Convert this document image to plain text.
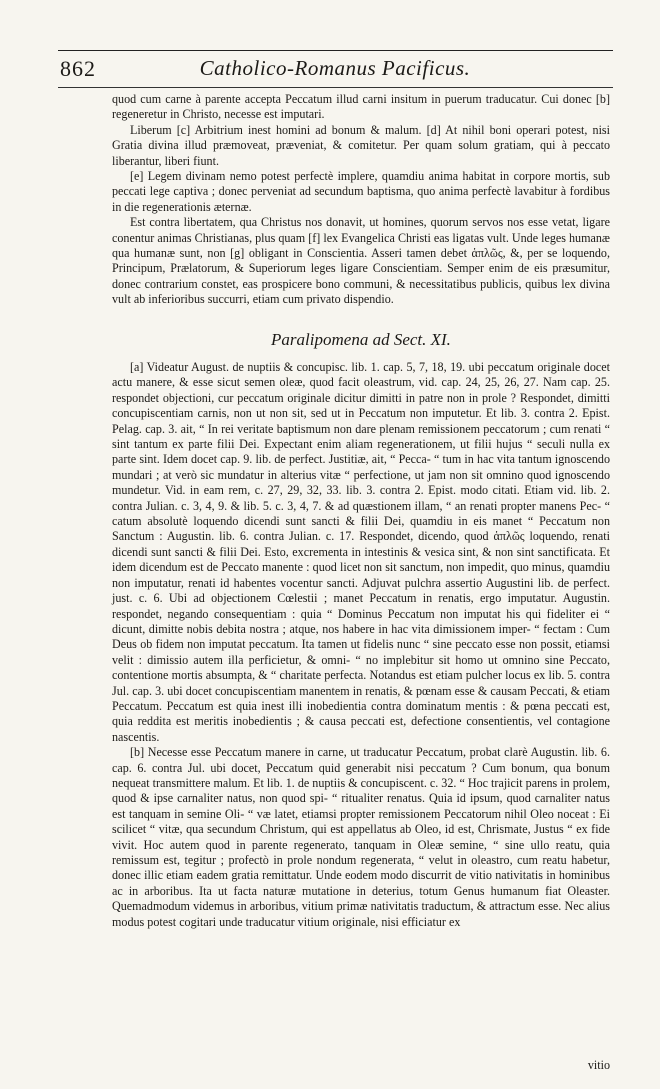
862	Catholico-Romanus Pacificus.

quod cum carne à parente accepta Peccatum illud carni insitum in puerum traducatur. Cui donec [b] regeneretur in Christo, necesse est imputari.

Liberum [c] Arbitrium inest homini ad bonum & malum. [d] At nihil boni operari potest, nisi Gratia divina illud præmoveat, præveniat, & comitetur. Per quam solum gratiam, qui à peccato liberantur, liberi fiunt.

[e] Legem divinam nemo potest perfectè implere, quamdiu anima habitat in corpore mortis, sub peccati lege captiva ; donec perveniat ad secundum baptisma, quo anima perfectè lavabitur à fordibus in die regenerationis æternæ.

Est contra libertatem, qua Christus nos donavit, ut homines, quorum servos nos esse vetat, ligare conentur animas Christianas, plus quam [f] lex Evangelica Christi eas ligatas vult. Unde leges humanæ qua humanæ sunt, non [g] obligant in Conscientia. Asseri tamen debet ἁπλῶς, &, per se loquendo, Principum, Prælatorum, & Superiorum leges ligare Conscientiam. Semper enim de eis præsumitur, donec contrarium constet, eas prospicere bono communi, & necessitatibus publicis, quibus lex divina vult ab inferioribus succurri, etiam cum privato dispendio.

Paralipomena ad Sect. XI.

[a] Videatur August. de nuptiis & concupisc. lib. 1. cap. 5, 7, 18, 19. ubi peccatum originale docet actu manere, & esse sicut semen oleæ, quod facit oleastrum, vid. cap. 24, 25, 26, 27. Nam cap. 25. respondet objectioni, cur peccatum originale dicitur dimitti in patre non in prole ? Respondet, dimitti concupiscentiam carnis, non ut non sit, sed ut in Peccatum non imputetur. Et lib. 3. contra 2. Epist. Pelag. cap. 3. ait, “ In rei veritate baptismum non dare plenam remissionem peccatorum ; cum renati “ sint tantum ex parte filii Dei. Expectant enim aliam regenerationem, ut filii hujus “ seculi nulla ex parte sint. Idem docet cap. 9. lib. de perfect. Justitiæ, ait, “ Pecca- “ tum in hac vita tantum ignoscendo mundari ; at verò sic mundatur in alterius vitæ “ perfectione, ut jam non sit omnino quod ignoscendo mundetur. Vid. in eam rem, c. 27, 29, 32, 33. lib. 3. contra 2. Epist. modo citati. Etiam vid. lib. 2. contra Julian. c. 3, 4, 9. & lib. 5. c. 3, 4, 7. & ad quæstionem illam, “ an renati propter manens Pec- “ catum absolutè loquendo dicendi sunt sancti & filii Dei, quamdiu in eis manet “ Peccatum non Sanctum : Augustin. lib. 6. contra Julian. c. 17. Respondet, dicendo, quod ἁπλῶς loquendo, renati dicendi sunt sancti & filii Dei. Esto, excrementa in intestinis & vesica sint, & non sint sanctificata. Et idem dicendum est de Peccato manente : quod licet non sit sanctum, non impedit, quo minus, quamdiu non imputatur, renati id habentes vocentur sancti. Adjuvat pulchra assertio Augustini lib. de perfect. just. c. 6. Ubi ad objectionem Cœlestii ; manet Peccatum in renatis, ergo imputatur. Augustin. respondet, negando consequentiam : quia “ Dominus Peccatum non imputat his qui fideliter ei “ dicunt, dimitte nobis debita nostra ; atque, nos habere in hac vita dimissionem imper- “ fectam : Cum Deus ob fidem non imputat peccatum. Ita tamen ut fidelis nunc “ sine peccato esse non possit, etiamsi velit : dimissio autem illa perficietur, & omni- “ no implebitur sit homo ut omnino sine Peccato, contentione mortis absumpta, & “ charitate perfecta. Notandus est etiam pulcher locus ex lib. 5. contra Jul. cap. 3. ubi docet concupiscentiam manentem in renatis, & pœnam esse & causam Peccati, & etiam Peccatum. Peccatum est quia inest illi inobedientia contra dominatum mentis : & pœna peccati est, quia reddita est meritis inobedientis ; & causa peccati est, defectione consentientis, vel contagione nascentis.

[b] Necesse esse Peccatum manere in carne, ut traducatur Peccatum, probat clarè Augustin. lib. 6. cap. 6. contra Jul. ubi docet, Peccatum quid generabit nisi peccatum ? Cum bonum, qua bonum nequeat transmittere malum. Et lib. 1. de nuptiis & concupiscent. c. 32. “ Hoc trajicit parens in prolem, quod & ipse carnaliter natus, non quod spi- “ ritualiter renatus. Quia id ipsum, quod carnaliter natus est tanquam in semine Oli- “ væ latet, etiamsi propter remissionem Peccatorum nihil Oleo noceat : Ei scilicet “ vitæ, qua secundum Christum, qui est appellatus ab Oleo, id est, Chrismate, Justus “ ex fide vivit. Hoc autem quod in parente regenerato, tanquam in Oleæ semine, “ sine ullo reatu, quia remissum est, tegitur ; profectò in prole nondum regenerata, “ velut in oleastro, cum reatu habetur, donec illic etiam eadem gratia remittatur. Unde eodem modo discurrit de vitio nativitatis in hominibus ac in arboribus. Ita ut facta naturæ mutatione in deterius, totum Genus humanum fiat Oleaster. Quemadmodum videmus in arboribus, vitium primæ nativitatis traductum, & attractum esse. Nec alius modus potest cogitari unde traducatur vitium originale, nisi efficiatur ex

vitio
